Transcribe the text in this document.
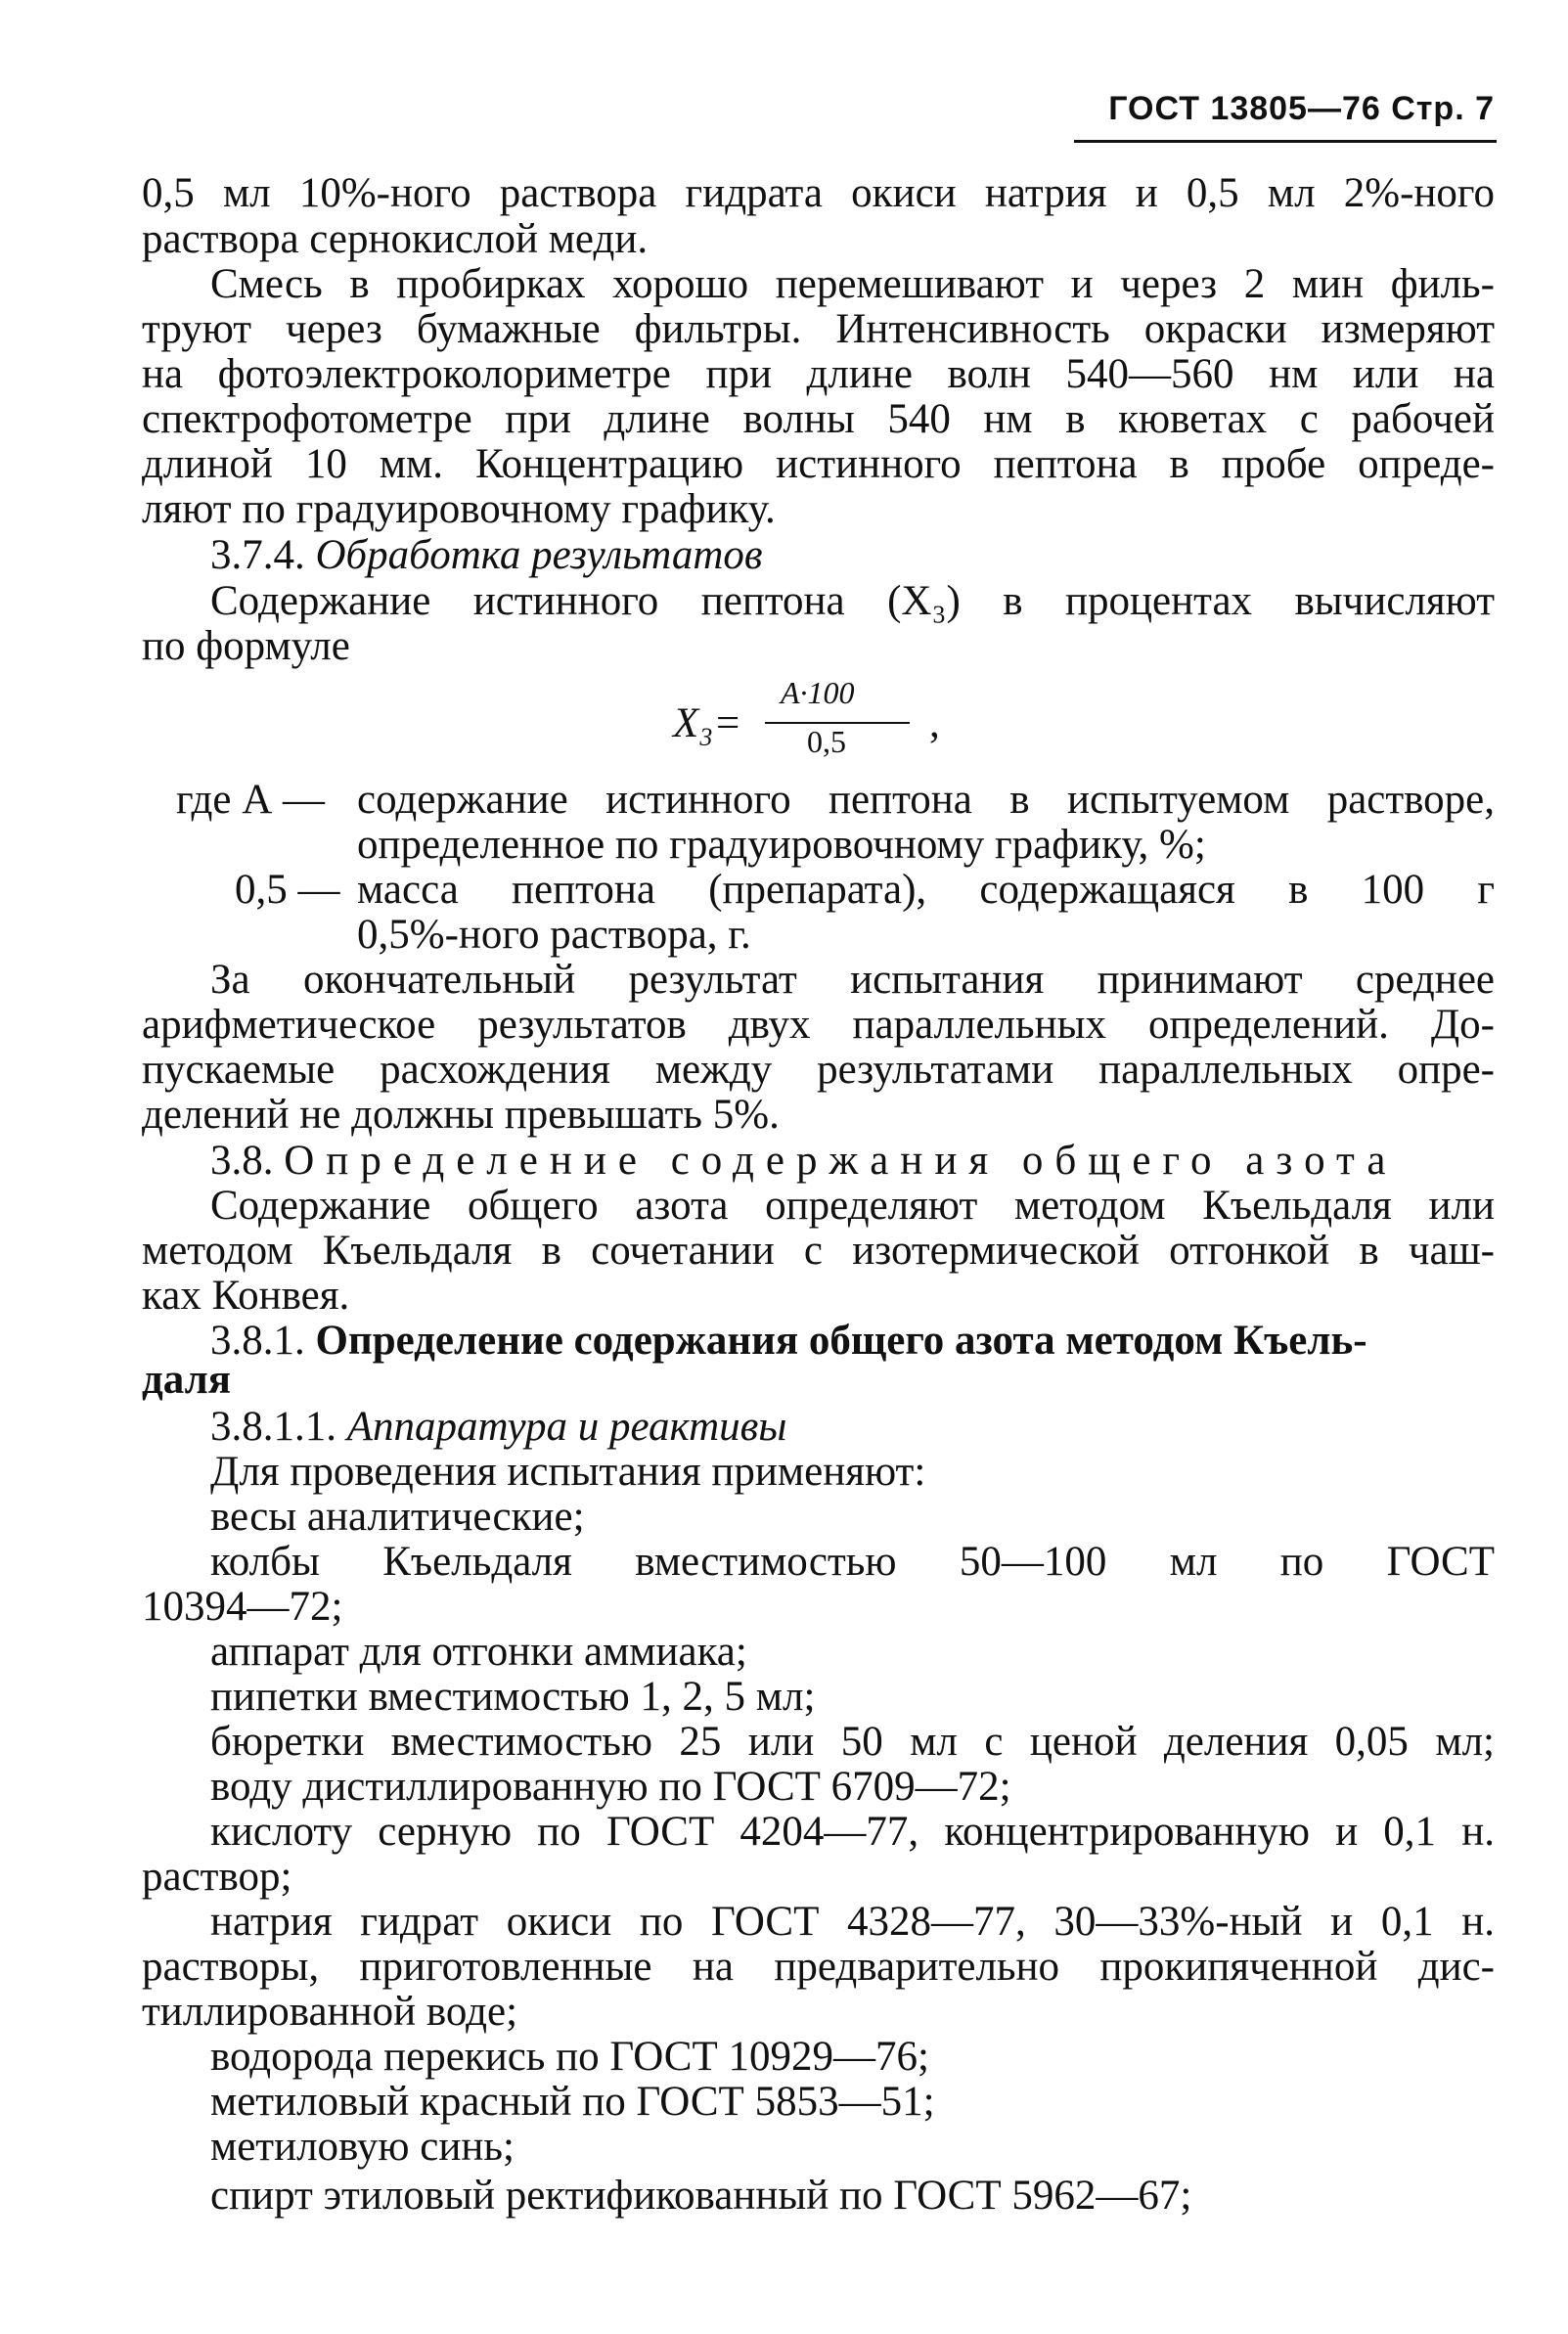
ГОСТ 13805—76 Стр. 7
0,5 мл 10%-ного раствора гидрата окиси натрия и 0,5 мл 2%-ного
раствора сернокислой меди.
Смесь в пробирках хорошо перемешивают и через 2 мин филь-
труют через бумажные фильтры. Интенсивность окраски измеряют
на фотоэлектроколориметре при длине волн 540—560 нм или на
спектрофотометре при длине волны 540 нм в кюветах с рабочей
длиной 10 мм. Концентрацию истинного пептона в пробе опреде-
ляют по градуировочному графику.
3.7.4. Обработка результатов
Содержание истинного пептона (X₃) в процентах вычисляют
по формуле
X₃=
A·100
0,5 ,
где А — содержание истинного пептона в испытуемом растворе,
определенное по градуировочному графику, %;
0,5 — масса пептона (препарата), содержащаяся в 100 г
0,5%-ного раствора, г.
За окончательный результат испытания принимают среднее
арифметическое результатов двух параллельных определений. До-
пускаемые расхождения между результатами параллельных опре-
делений не должны превышать 5%.
3.8. Определение содержания общего азота
Содержание общего азота определяют методом Къельдаля или
методом Къельдаля в сочетании с изотермической отгонкой в чаш-
ках Конвея.
3.8.1. Определение содержания общего азота методом Къель-
даля
3.8.1.1. Аппаратура и реактивы
Для проведения испытания применяют:
весы аналитические;
колбы Къельдаля вместимостью 50—100 мл по ГОСТ
10394—72;
аппарат для отгонки аммиака;
пипетки вместимостью 1, 2, 5 мл;
бюретки вместимостью 25 или 50 мл с ценой деления 0,05 мл;
воду дистиллированную по ГОСТ 6709—72;
кислоту серную по ГОСТ 4204—77, концентрированную и 0,1 н.
раствор;
натрия гидрат окиси по ГОСТ 4328—77, 30—33%-ный и 0,1 н.
растворы, приготовленные на предварительно прокипяченной дис-
тиллированной воде;
водорода перекись по ГОСТ 10929—76;
метиловый красный по ГОСТ 5853—51;
метиловую синь;
спирт этиловый ректификованный по ГОСТ 5962—67;
